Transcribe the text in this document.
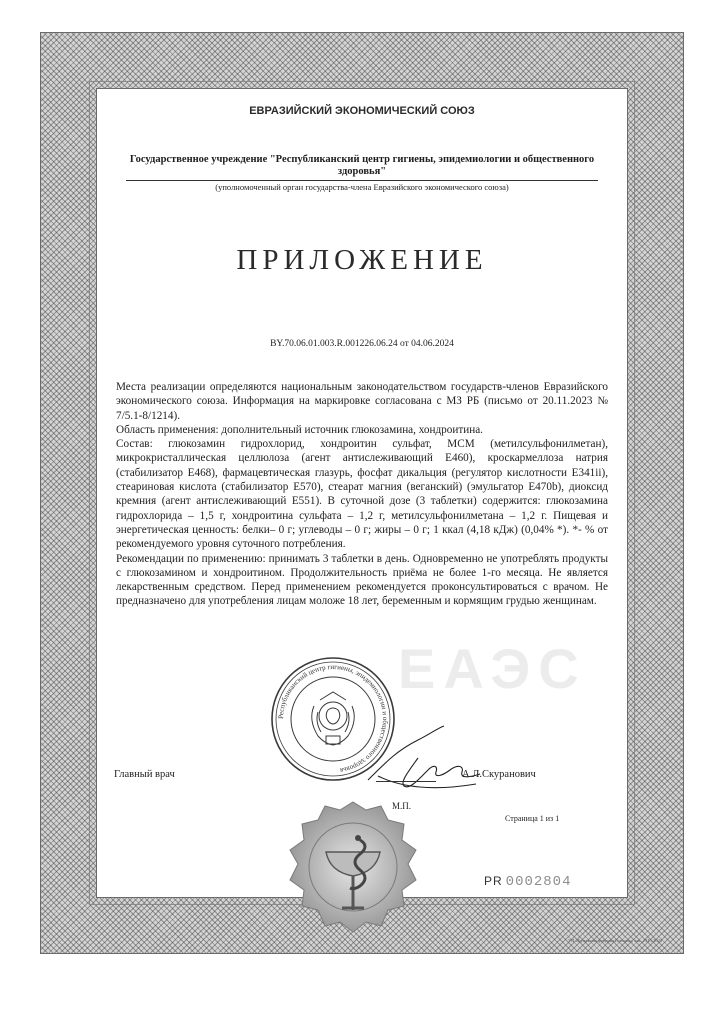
ЕВРАЗИЙСКИЙ ЭКОНОМИЧЕСКИЙ СОЮЗ
Государственное учреждение "Республиканский центр гигиены, эпидемиологии и общественного здоровья"
(уполномоченный орган государства-члена Евразийского экономического союза)
ПРИЛОЖЕНИЕ
BY.70.06.01.003.R.001226.06.24 от 04.06.2024
ЕАЭС

Места реализации определяются национальным законодательством государств-членов Евразийского экономического союза. Информация на маркировке согласована с МЗ РБ (письмо от 20.11.2023 № 7/5.1-8/1214).

Область применения: дополнительный источник глюкозамина, хондроитина.

Состав: глюкозамин гидрохлорид, хондроитин сульфат, МСМ (метилсульфонилметан), микрокристаллическая целлюлоза (агент антислеживающий Е460), кроскармеллоза натрия (стабилизатор Е468), фармацевтическая глазурь, фосфат дикальция (регулятор кислотности Е341ii), стеариновая кислота (стабилизатор Е570), стеарат магния (веганский) (эмульгатор Е470b), диоксид кремния (агент антислеживающий Е551). В суточной дозе (3 таблетки) содержится: глюкозамина гидрохлорида – 1,5 г, хондроитина сульфата – 1,2 г, метилсульфонилметана – 1,2 г. Пищевая и энергетическая ценность: белки– 0 г; углеводы – 0 г; жиры – 0 г; 1 ккал (4,18 кДж) (0,04% *). *- % от рекомендуемого уровня суточного потребления.

Рекомендации по применению: принимать 3 таблетки в день. Одновременно не употреблять продукты с глюкозамином и хондроитином. Продолжительность приёма не более 1-го месяца. Не является лекарственным средством. Перед применением рекомендуется проконсультироваться с врачом. Не предназначено для употребления лицам моложе 18 лет, беременным и кормящим грудью женщинам.

Республиканский центр гигиены, эпидемиологии и общественного здоровья
Главный врач	А.Л.Скуранович
М.П.
Страница 1 из 1
PR 0002804
УП «Бумажная фабрика Гознака», зак. 2315-2023
